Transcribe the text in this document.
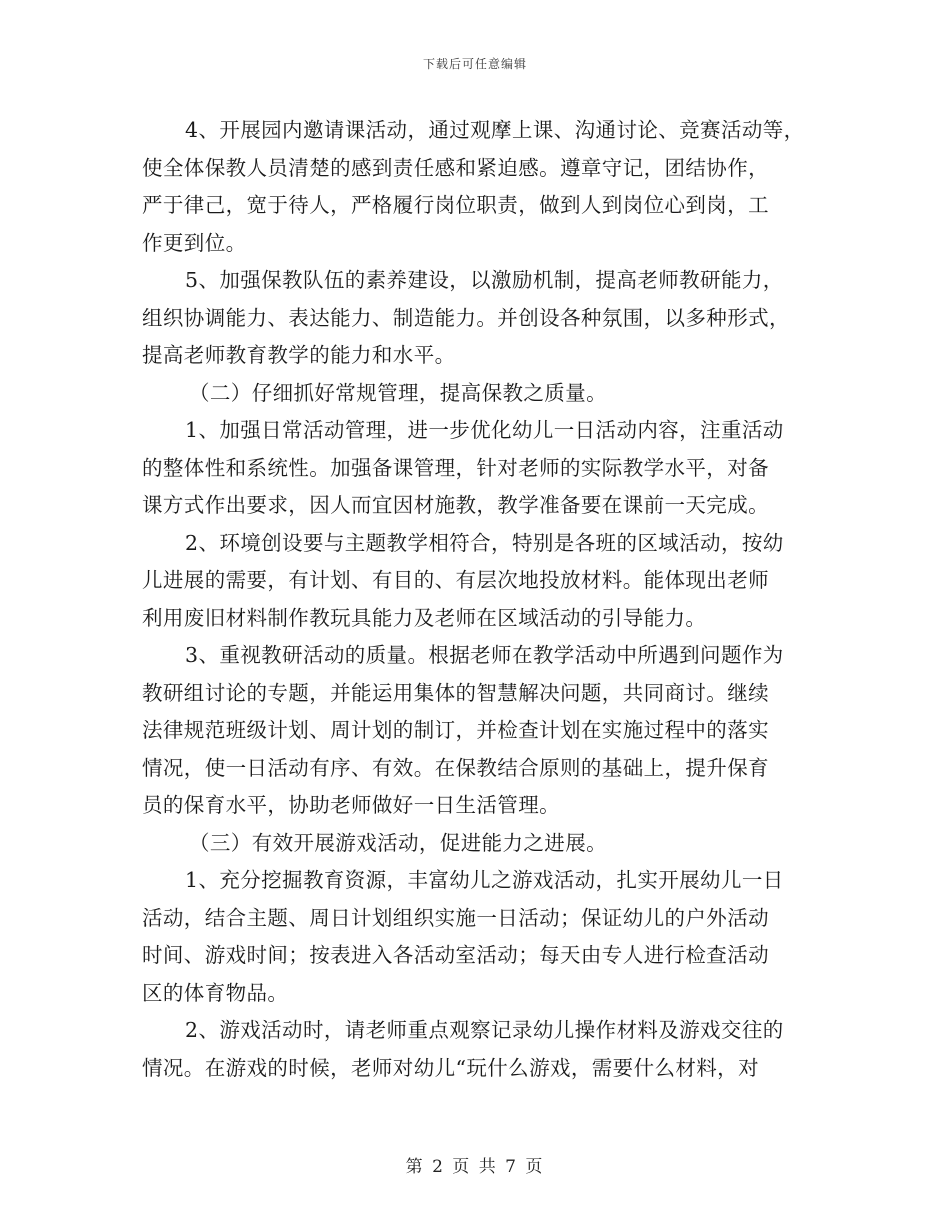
下载后可任意编辑
4、开展园内邀请课活动，通过观摩上课、沟通讨论、竞赛活动等，
使全体保教人员清楚的感到责任感和紧迫感。遵章守记，团结协作，
严于律己，宽于待人，严格履行岗位职责，做到人到岗位心到岗，工
作更到位。
5、加强保教队伍的素养建设，以激励机制，提高老师教研能力，
组织协调能力、表达能力、制造能力。并创设各种氛围，以多种形式，
提高老师教育教学的能力和水平。
（二）仔细抓好常规管理，提高保教之质量。
1、加强日常活动管理，进一步优化幼儿一日活动内容，注重活动
的整体性和系统性。加强备课管理，针对老师的实际教学水平，对备
课方式作出要求，因人而宜因材施教，教学准备要在课前一天完成。
2、环境创设要与主题教学相符合，特别是各班的区域活动，按幼
儿进展的需要，有计划、有目的、有层次地投放材料。能体现出老师
利用废旧材料制作教玩具能力及老师在区域活动的引导能力。
3、重视教研活动的质量。根据老师在教学活动中所遇到问题作为
教研组讨论的专题，并能运用集体的智慧解决问题，共同商讨。继续
法律规范班级计划、周计划的制订，并检查计划在实施过程中的落实
情况，使一日活动有序、有效。在保教结合原则的基础上，提升保育
员的保育水平，协助老师做好一日生活管理。
（三）有效开展游戏活动，促进能力之进展。
1、充分挖掘教育资源，丰富幼儿之游戏活动，扎实开展幼儿一日
活动，结合主题、周日计划组织实施一日活动；保证幼儿的户外活动
时间、游戏时间；按表进入各活动室活动；每天由专人进行检查活动
区的体育物品。
2、游戏活动时，请老师重点观察记录幼儿操作材料及游戏交往的
情况。在游戏的时候，老师对幼儿“玩什么游戏，需要什么材料，对
第 2 页 共 7 页
